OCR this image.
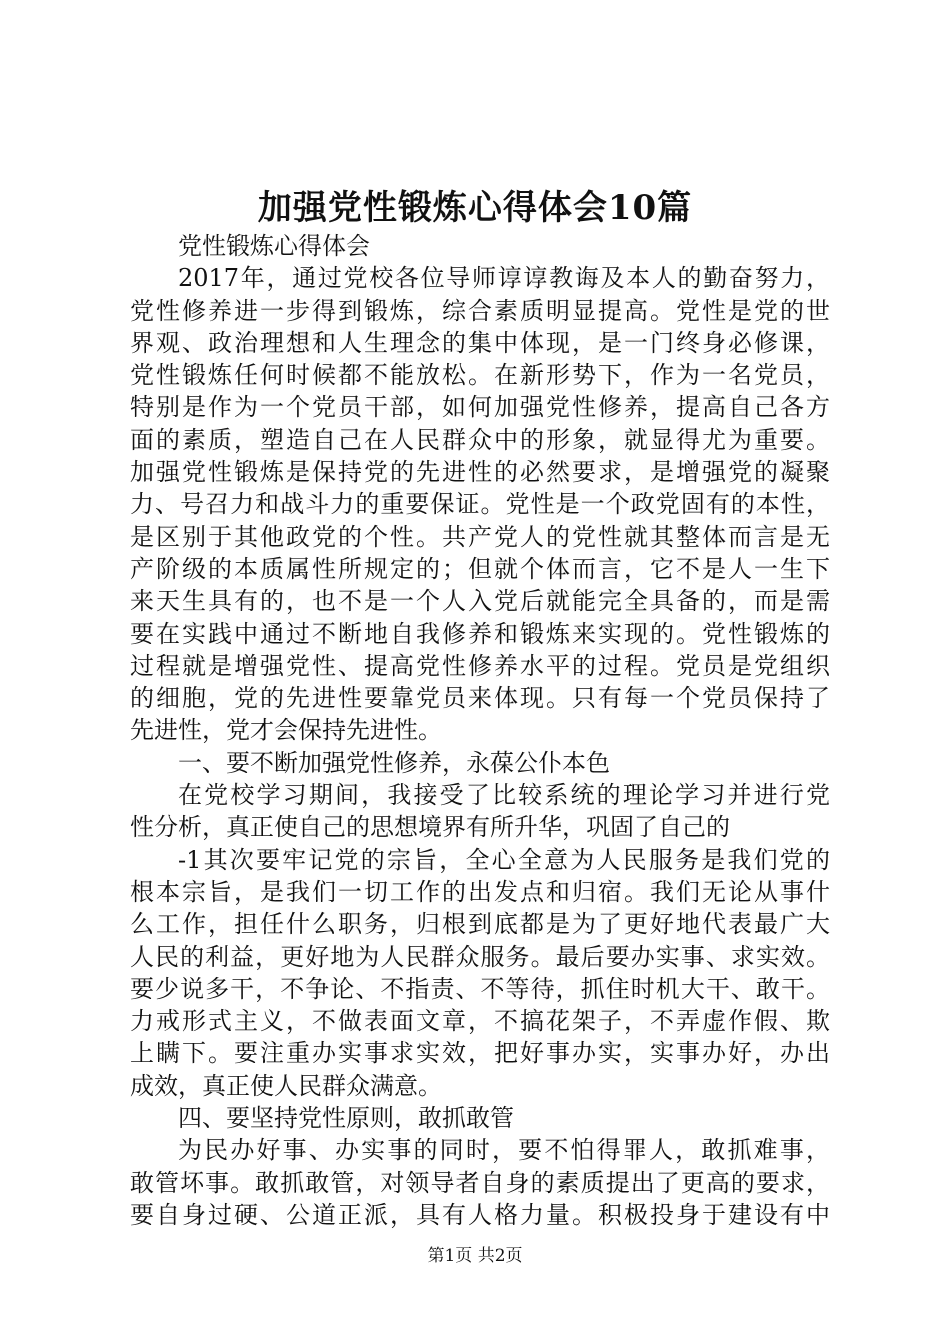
加强党性锻炼心得体会10篇
党性锻炼心得体会
2017年，通过党校各位导师谆谆教诲及本人的勤奋努力，
党性修养进一步得到锻炼，综合素质明显提高。党性是党的世
界观、政治理想和人生理念的集中体现，是一门终身必修课，
党性锻炼任何时候都不能放松。在新形势下，作为一名党员，
特别是作为一个党员干部，如何加强党性修养，提高自己各方
面的素质，塑造自己在人民群众中的形象，就显得尤为重要。
加强党性锻炼是保持党的先进性的必然要求，是增强党的凝聚
力、号召力和战斗力的重要保证。党性是一个政党固有的本性，
是区别于其他政党的个性。共产党人的党性就其整体而言是无
产阶级的本质属性所规定的；但就个体而言，它不是人一生下
来天生具有的，也不是一个人入党后就能完全具备的，而是需
要在实践中通过不断地自我修养和锻炼来实现的。党性锻炼的
过程就是增强党性、提高党性修养水平的过程。党员是党组织
的细胞，党的先进性要靠党员来体现。只有每一个党员保持了
先进性，党才会保持先进性。
一、要不断加强党性修养，永葆公仆本色
在党校学习期间，我接受了比较系统的理论学习并进行党
性分析，真正使自己的思想境界有所升华，巩固了自己的
-1其次要牢记党的宗旨，全心全意为人民服务是我们党的
根本宗旨，是我们一切工作的出发点和归宿。我们无论从事什
么工作，担任什么职务，归根到底都是为了更好地代表最广大
人民的利益，更好地为人民群众服务。最后要办实事、求实效。
要少说多干，不争论、不指责、不等待，抓住时机大干、敢干。
力戒形式主义，不做表面文章，不搞花架子，不弄虚作假、欺
上瞒下。要注重办实事求实效，把好事办实，实事办好，办出
成效，真正使人民群众满意。
四、要坚持党性原则，敢抓敢管
为民办好事、办实事的同时，要不怕得罪人，敢抓难事，
敢管坏事。敢抓敢管，对领导者自身的素质提出了更高的要求，
要自身过硬、公道正派，具有人格力量。积极投身于建设有中
第1页 共2页
